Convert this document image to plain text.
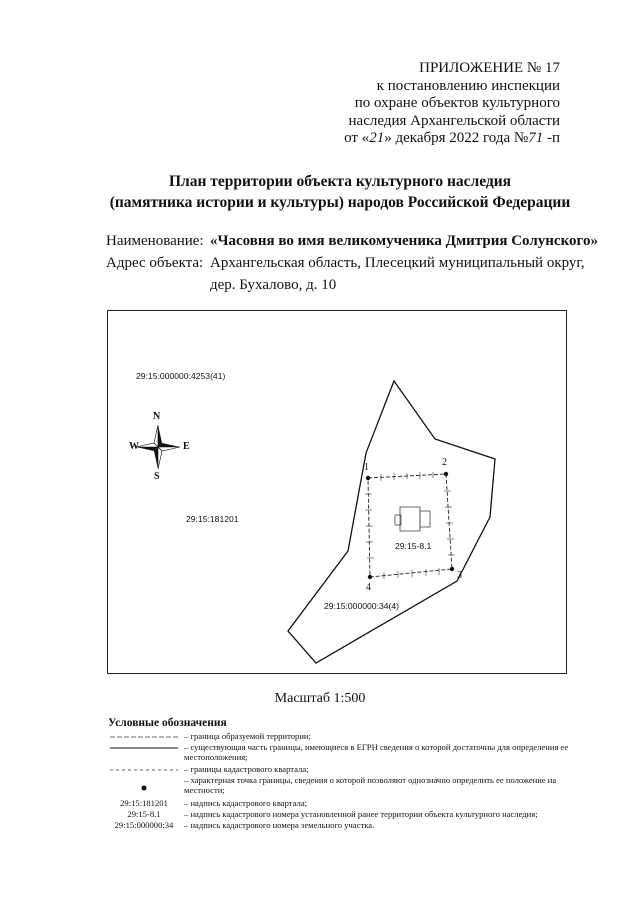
ПРИЛОЖЕНИЕ № 17
к постановлению инспекции
по охране объектов культурного
наследия Архангельской области
от «21» декабря 2022 года №71 -п
План территории объекта культурного наследия
(памятника истории и культуры) народов Российской Федерации
Наименование: «Часовня во имя великомученика Дмитрия Солунского»
Адрес объекта: Архангельская область, Плесецкий муниципальный округ,
дер. Бухалово, д. 10
29:15:000000:4253(41)
29:15:181201
29:15:000000:34(4)
29:15-8.1
1	2
3
4
N
S
W	E
Масштаб 1:500
Условные обозначения
– граница образуемой территории;
– существующая часть границы, имеющиеся в ЕГРН сведения о которой достаточны для определения ее местоположения;
– границы кадастрового квартала;
– характерная точка границы, сведения о которой позволяют однозначно определить ее положение на местности;
29:15:181201	– надпись кадастрового квартала;
29:15-8.1	– надпись кадастрового номера установленной ранее территории объекта культурного наследия;
29:15:000000:34	– надпись кадастрового номера земельного участка.
